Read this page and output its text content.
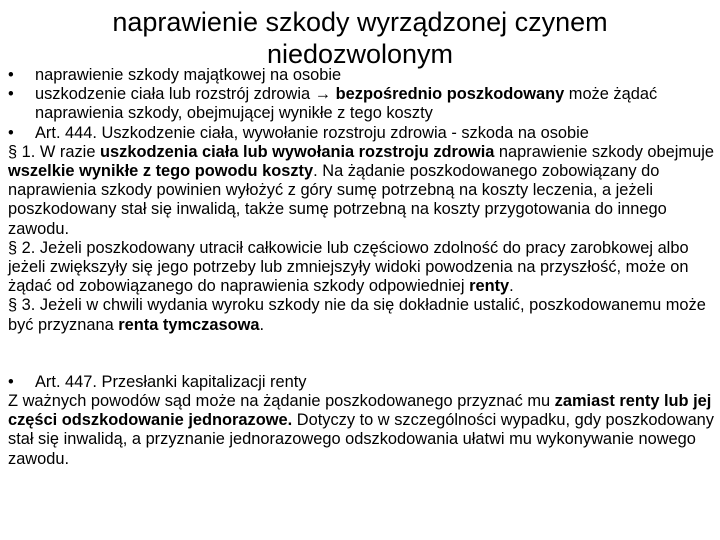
naprawienie szkody wyrządzonej czynem niedozwolonym
• naprawienie szkody majątkowej na osobie
• uszkodzenie ciała lub rozstrój zdrowia → bezpośrednio poszkodowany może żądać naprawienia szkody, obejmującej wynikłe z tego koszty
• Art. 444. Uszkodzenie ciała, wywołanie rozstroju zdrowia - szkoda na osobie

§ 1. W razie uszkodzenia ciała lub wywołania rozstroju zdrowia naprawienie szkody obejmuje wszelkie wynikłe z tego powodu koszty. Na żądanie poszkodowanego zobowiązany do naprawienia szkody powinien wyłożyć z góry sumę potrzebną na koszty leczenia, a jeżeli poszkodowany stał się inwalidą, także sumę potrzebną na koszty przygotowania do innego zawodu.

§ 2. Jeżeli poszkodowany utracił całkowicie lub częściowo zdolność do pracy zarobkowej albo jeżeli zwiększyły się jego potrzeby lub zmniejszyły widoki powodzenia na przyszłość, może on żądać od zobowiązanego do naprawienia szkody odpowiedniej renty.

§ 3. Jeżeli w chwili wydania wyroku szkody nie da się dokładnie ustalić, poszkodowanemu może być przyznana renta tymczasowa.

• Art. 447. Przesłanki kapitalizacji renty

Z ważnych powodów sąd może na żądanie poszkodowanego przyznać mu zamiast renty lub jej części odszkodowanie jednorazowe. Dotyczy to w szczególności wypadku, gdy poszkodowany stał się inwalidą, a przyznanie jednorazowego odszkodowania ułatwi mu wykonywanie nowego zawodu.
